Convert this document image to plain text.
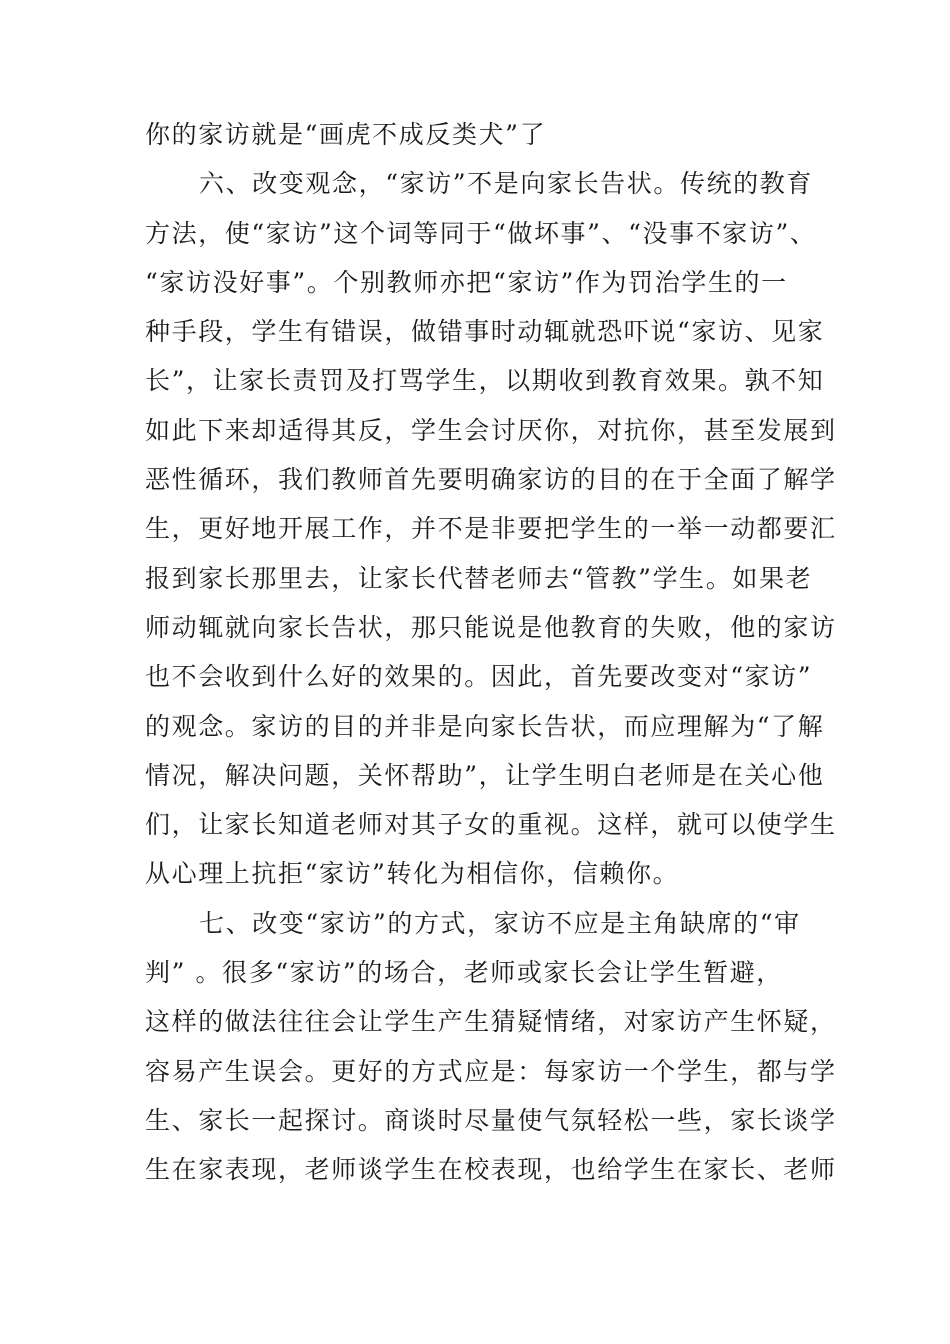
你的家访就是“画虎不成反类犬”了
六、改变观念，“家访”不是向家长告状。传统的教育
方法，使“家访”这个词等同于“做坏事”、“没事不家访”、
“家访没好事”。个别教师亦把“家访”作为罚治学生的一
种手段，学生有错误，做错事时动辄就恐吓说“家访、见家
长”，让家长责罚及打骂学生，以期收到教育效果。孰不知
如此下来却适得其反，学生会讨厌你，对抗你，甚至发展到
恶性循环，我们教师首先要明确家访的目的在于全面了解学
生，更好地开展工作，并不是非要把学生的一举一动都要汇
报到家长那里去，让家长代替老师去“管教”学生。如果老
师动辄就向家长告状，那只能说是他教育的失败，他的家访
也不会收到什么好的效果的。因此，首先要改变对“家访”
的观念。家访的目的并非是向家长告状，而应理解为“了解
情况，解决问题，关怀帮助”，让学生明白老师是在关心他
们，让家长知道老师对其子女的重视。这样，就可以使学生
从心理上抗拒“家访”转化为相信你，信赖你。
七、改变“家访”的方式，家访不应是主角缺席的“审
判” 。很多“家访”的场合，老师或家长会让学生暂避，
这样的做法往往会让学生产生猜疑情绪，对家访产生怀疑，
容易产生误会。更好的方式应是：每家访一个学生，都与学
生、家长一起探讨。商谈时尽量使气氛轻松一些，家长谈学
生在家表现，老师谈学生在校表现，也给学生在家长、老师
